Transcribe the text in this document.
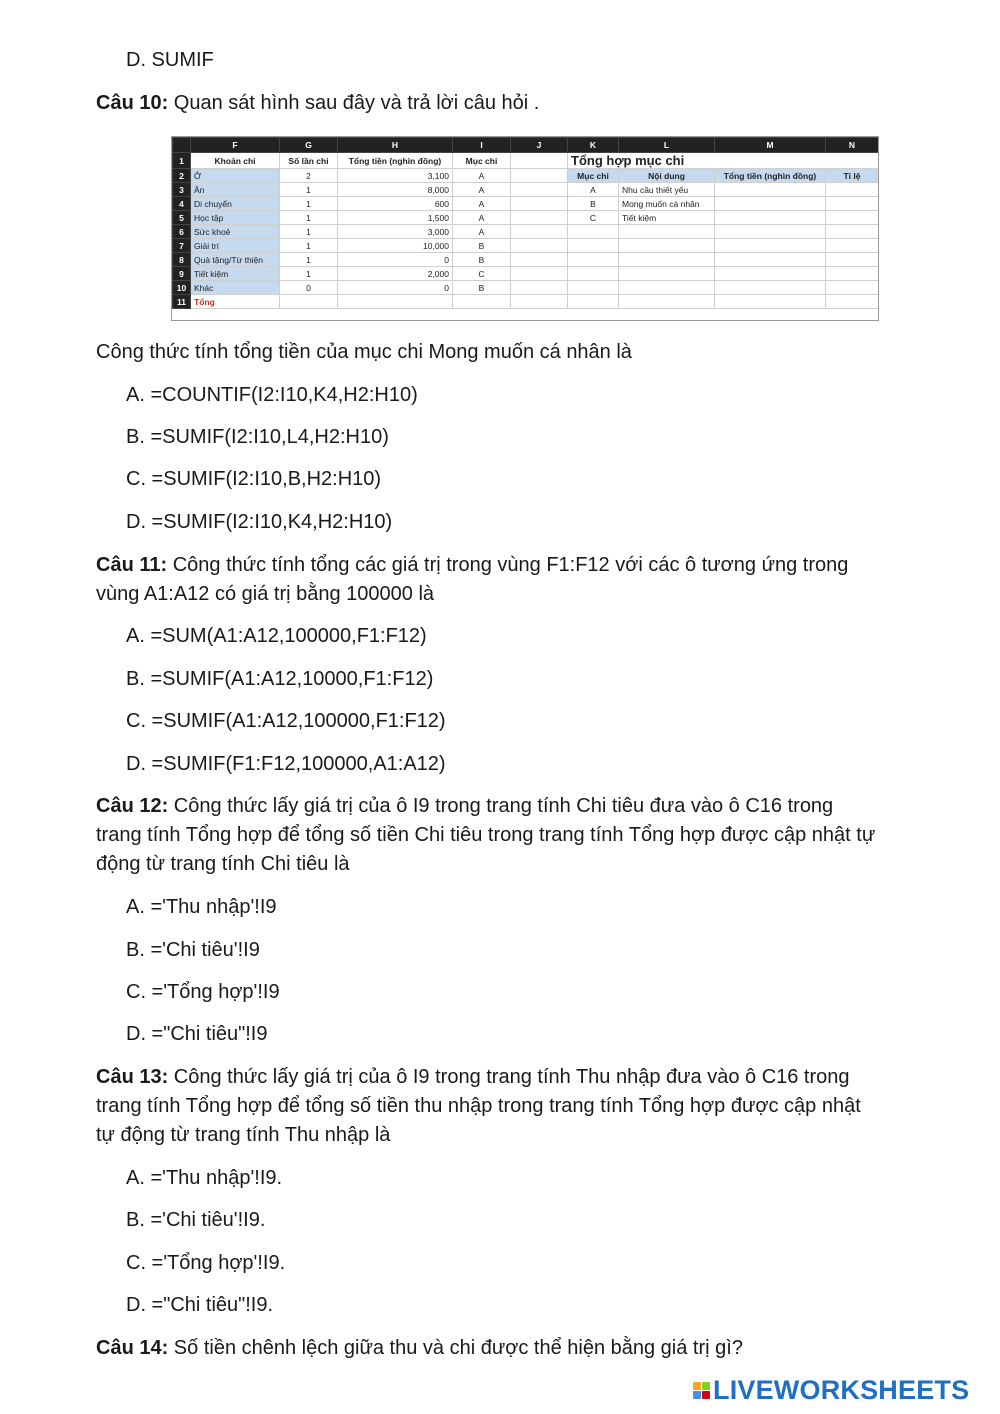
D. SUMIF
Câu 10: Quan sát hình sau đây và trả lời câu hỏi .
	F	G	H	I	J	K	L	M	N
1	Khoản chi	Số lần chi	Tổng tiền (nghìn đồng)	Mục chi		Tổng hợp mục chi			
2	Ở	2	3,100	A		Mục chi	Nội dung	Tổng tiền (nghìn đồng)	Tỉ lệ
3	Ăn	1	8,000	A		A	Nhu cầu thiết yếu		
4	Di chuyển	1	600	A		B	Mong muốn cá nhân		
5	Học tập	1	1,500	A		C	Tiết kiệm		
6	Sức khoẻ	1	3,000	A					
7	Giải trí	1	10,000	B					
8	Quà tặng/Từ thiện	1	0	B					
9	Tiết kiệm	1	2,000	C					
10	Khác	0	0	B					
11	Tổng								
Công thức tính tổng tiền của mục chi Mong muốn cá nhân là
A. =COUNTIF(I2:I10,K4,H2:H10)
B. =SUMIF(I2:I10,L4,H2:H10)
C. =SUMIF(I2:I10,B,H2:H10)
D. =SUMIF(I2:I10,K4,H2:H10)
Câu 11: Công thức tính tổng các giá trị trong vùng F1:F12 với các ô tương ứng trong
vùng A1:A12 có giá trị bằng 100000 là
A. =SUM(A1:A12,100000,F1:F12)
B. =SUMIF(A1:A12,10000,F1:F12)
C. =SUMIF(A1:A12,100000,F1:F12)
D. =SUMIF(F1:F12,100000,A1:A12)
Câu 12: Công thức lấy giá trị của ô I9 trong trang tính Chi tiêu đưa vào ô C16 trong
trang tính Tổng hợp để tổng số tiền Chi tiêu trong trang tính Tổng hợp được cập nhật tự
động từ trang tính Chi tiêu là
A. ='Thu nhập'!I9
B. ='Chi tiêu'!I9
C. ='Tổng hợp'!I9
D. ="Chi tiêu"!I9
Câu 13: Công thức lấy giá trị của ô I9 trong trang tính Thu nhập đưa vào ô C16 trong
trang tính Tổng hợp để tổng số tiền thu nhập trong trang tính Tổng hợp được cập nhật
tự động từ trang tính Thu nhập là
A. ='Thu nhập'!I9.
B. ='Chi tiêu'!I9.
C. ='Tổng hợp'!I9.
D. ="Chi tiêu"!I9.
Câu 14: Số tiền chênh lệch giữa thu và chi được thể hiện bằng giá trị gì?
LIVEWORKSHEETS
